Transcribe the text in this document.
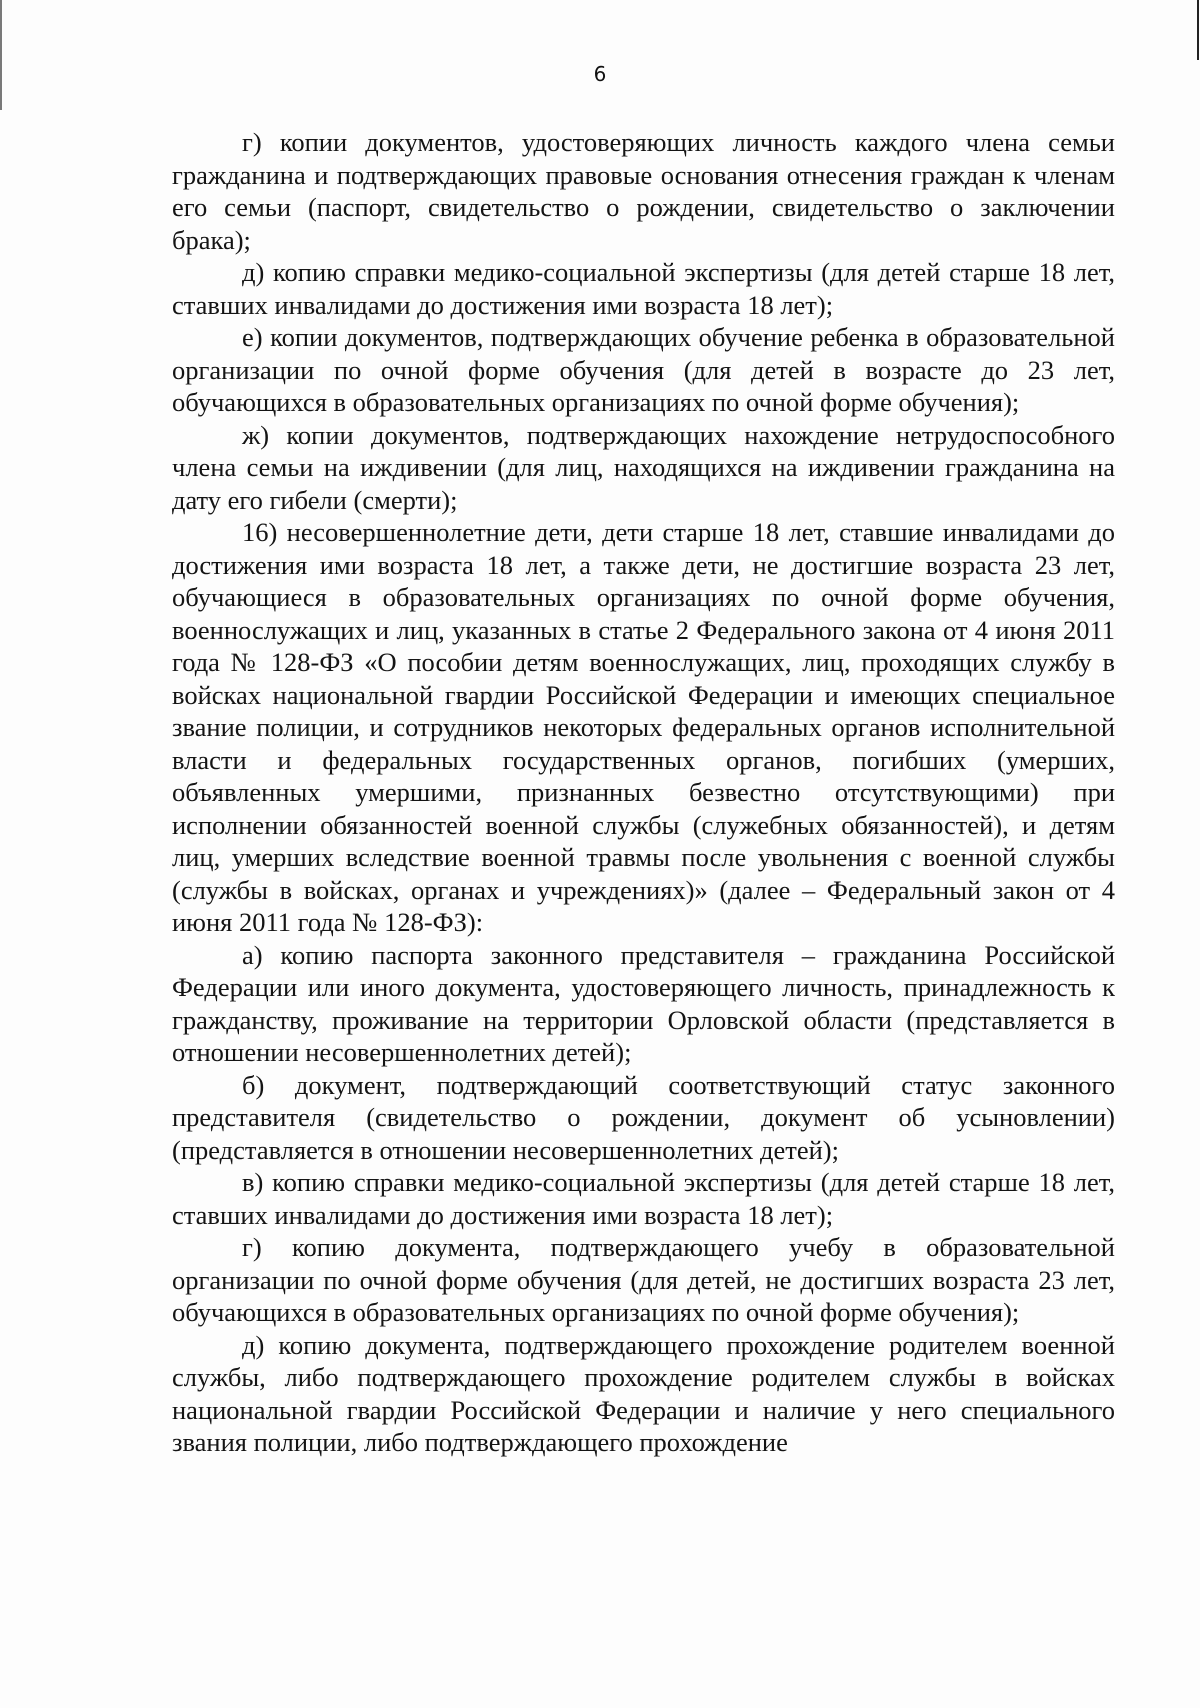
6

г) копии документов, удостоверяющих личность каждого члена семьи гражданина и подтверждающих правовые основания отнесения граждан к членам его семьи (паспорт, свидетельство о рождении, свидетельство о заключении брака);

д) копию справки медико-социальной экспертизы (для детей старше 18 лет, ставших инвалидами до достижения ими возраста 18 лет);

е) копии документов, подтверждающих обучение ребенка в образовательной организации по очной форме обучения (для детей в возрасте до 23 лет, обучающихся в образовательных организациях по очной форме обучения);

ж) копии документов, подтверждающих нахождение нетрудоспособного члена семьи на иждивении (для лиц, находящихся на иждивении гражданина на дату его гибели (смерти);

16) несовершеннолетние дети, дети старше 18 лет, ставшие инвалидами до достижения ими возраста 18 лет, а также дети, не достигшие возраста 23 лет, обучающиеся в образовательных организациях по очной форме обучения, военнослужащих и лиц, указанных в статье 2 Федерального закона от 4 июня 2011 года № 128-ФЗ «О пособии детям военнослужащих, лиц, проходящих службу в войсках национальной гвардии Российской Федерации и имеющих специальное звание полиции, и сотрудников некоторых федеральных органов исполнительной власти и федеральных государственных органов, погибших (умерших, объявленных умершими, признанных безвестно отсутствующими) при исполнении обязанностей военной службы (служебных обязанностей), и детям лиц, умерших вследствие военной травмы после увольнения с военной службы (службы в войсках, органах и учреждениях)» (далее – Федеральный закон от 4 июня 2011 года № 128-ФЗ):

а) копию паспорта законного представителя – гражданина Российской Федерации или иного документа, удостоверяющего личность, принадлежность к гражданству, проживание на территории Орловской области (представляется в отношении несовершеннолетних детей);

б) документ, подтверждающий соответствующий статус законного представителя (свидетельство о рождении, документ об усыновлении) (представляется в отношении несовершеннолетних детей);

в) копию справки медико-социальной экспертизы (для детей старше 18 лет, ставших инвалидами до достижения ими возраста 18 лет);

г) копию документа, подтверждающего учебу в образовательной организации по очной форме обучения (для детей, не достигших возраста 23 лет, обучающихся в образовательных организациях по очной форме обучения);

д) копию документа, подтверждающего прохождение родителем военной службы, либо подтверждающего прохождение родителем службы в войсках национальной гвардии Российской Федерации и наличие у него специального звания полиции, либо подтверждающего прохождение
